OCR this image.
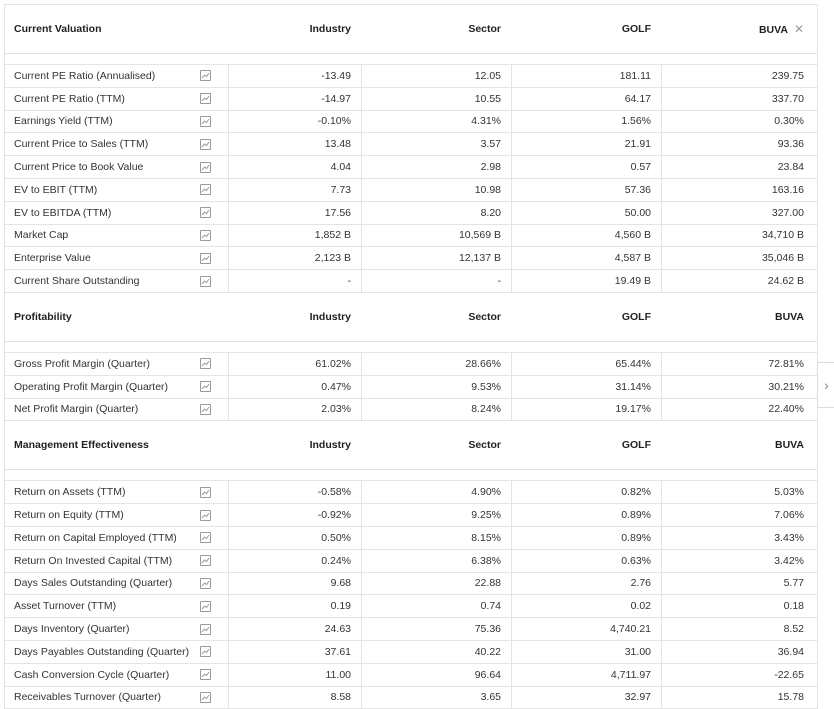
Current Valuation	Industry	Sector	GOLF	BUVA ✕
Current PE Ratio (Annualised)	-13.49	12.05	181.11	239.75
Current PE Ratio (TTM)	-14.97	10.55	64.17	337.70
Earnings Yield (TTM)	-0.10%	4.31%	1.56%	0.30%
Current Price to Sales (TTM)	13.48	3.57	21.91	93.36
Current Price to Book Value	4.04	2.98	0.57	23.84
EV to EBIT (TTM)	7.73	10.98	57.36	163.16
EV to EBITDA (TTM)	17.56	8.20	50.00	327.00
Market Cap	1,852 B	10,569 B	4,560 B	34,710 B
Enterprise Value	2,123 B	12,137 B	4,587 B	35,046 B
Current Share Outstanding	-	-	19.49 B	24.62 B
Profitability	Industry	Sector	GOLF	BUVA
Gross Profit Margin (Quarter)	61.02%	28.66%	65.44%	72.81%
Operating Profit Margin (Quarter)	0.47%	9.53%	31.14%	30.21%
Net Profit Margin (Quarter)	2.03%	8.24%	19.17%	22.40%
Management Effectiveness	Industry	Sector	GOLF	BUVA
Return on Assets (TTM)	-0.58%	4.90%	0.82%	5.03%
Return on Equity (TTM)	-0.92%	9.25%	0.89%	7.06%
Return on Capital Employed (TTM)	0.50%	8.15%	0.89%	3.43%
Return On Invested Capital (TTM)	0.24%	6.38%	0.63%	3.42%
Days Sales Outstanding (Quarter)	9.68	22.88	2.76	5.77
Asset Turnover (TTM)	0.19	0.74	0.02	0.18
Days Inventory (Quarter)	24.63	75.36	4,740.21	8.52
Days Payables Outstanding (Quarter)	37.61	40.22	31.00	36.94
Cash Conversion Cycle (Quarter)	11.00	96.64	4,711.97	-22.65
Receivables Turnover (Quarter)	8.58	3.65	32.97	15.78
›
